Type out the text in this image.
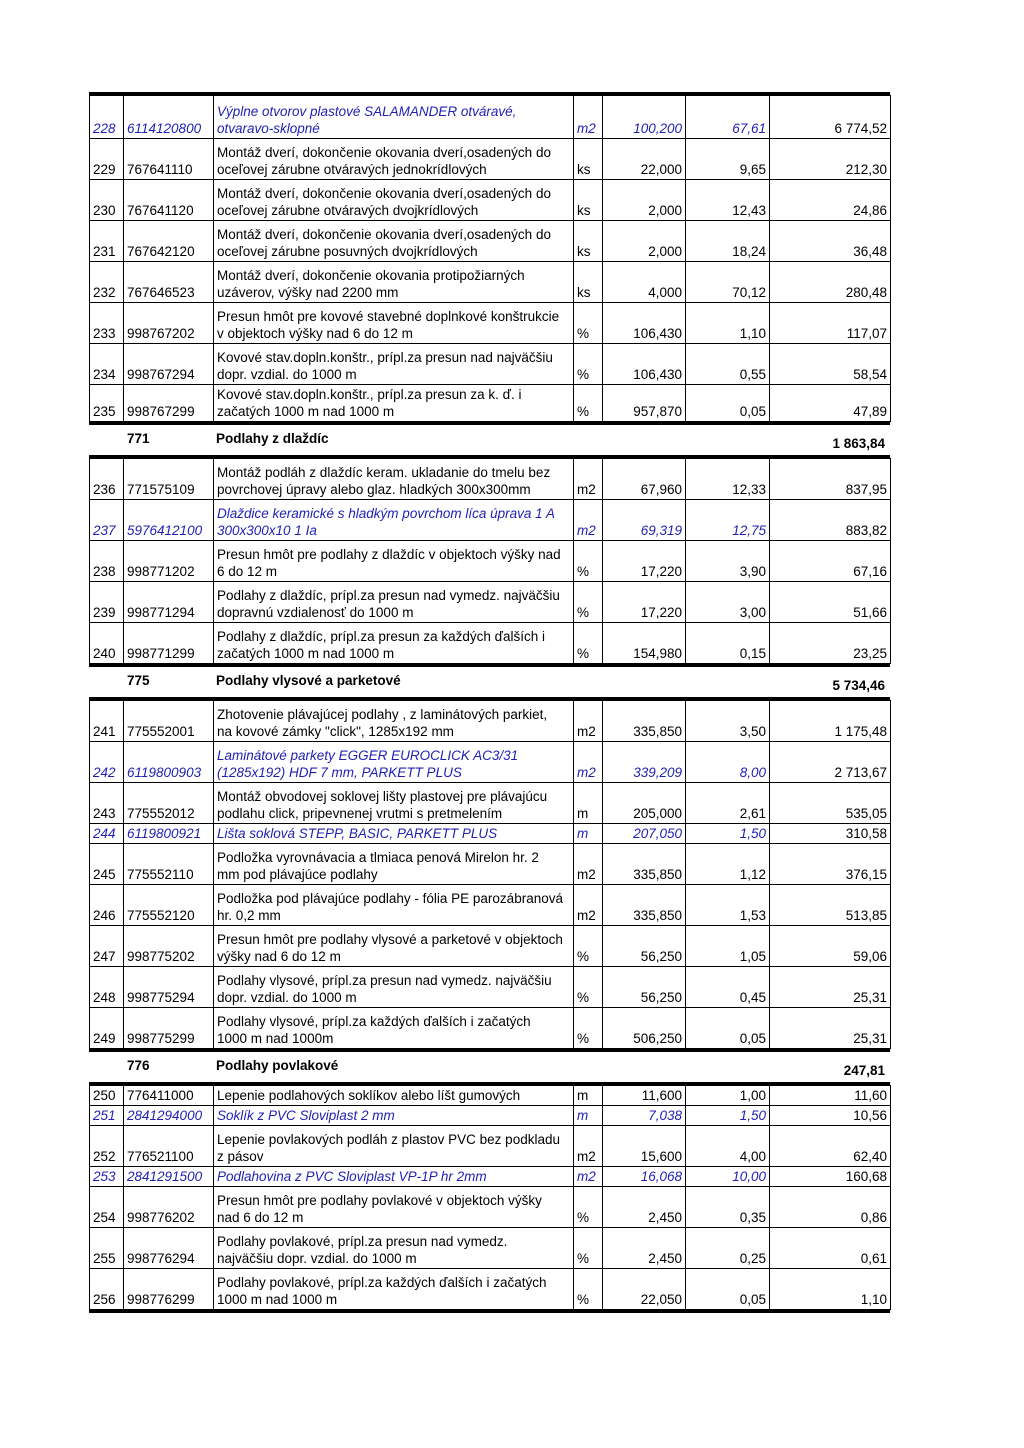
228	6114120800	Výplne otvorov plastové SALAMANDER otváravé,
otvaravo-sklopné	m2	100,200	67,61	6 774,52
229	767641110	Montáž dverí, dokončenie okovania dverí,osadených do
oceľovej zárubne otváravých jednokrídlových	ks	22,000	9,65	212,30
230	767641120	Montáž dverí, dokončenie okovania dverí,osadených do
oceľovej zárubne otváravých dvojkrídlových	ks	2,000	12,43	24,86
231	767642120	Montáž dverí, dokončenie okovania dverí,osadených do
oceľovej zárubne posuvných dvojkrídlových	ks	2,000	18,24	36,48
232	767646523	Montáž dverí, dokončenie okovania protipožiarných
uzáverov, výšky nad 2200 mm	ks	4,000	70,12	280,48
233	998767202	Presun hmôt pre kovové stavebné doplnkové konštrukcie
v objektoch výšky nad 6 do 12 m	%	106,430	1,10	117,07
234	998767294	Kovové stav.dopln.konštr., prípl.za presun nad najväčšiu
dopr. vzdial. do 1000 m	%	106,430	0,55	58,54
235	998767299	Kovové stav.dopln.konštr., prípl.za presun za k. ď. i
začatých 1000 m nad 1000 m	%	957,870	0,05	47,89
771	Podlahy z dlaždíc	1 863,84
236	771575109	Montáž podláh z dlaždíc keram. ukladanie do tmelu bez
povrchovej úpravy alebo glaz. hladkých 300x300mm	m2	67,960	12,33	837,95
237	5976412100	Dlaždice keramické s hladkým povrchom líca úprava 1 A
300x300x10 1 Ia	m2	69,319	12,75	883,82
238	998771202	Presun hmôt pre podlahy z dlaždíc v objektoch výšky nad
6 do 12 m	%	17,220	3,90	67,16
239	998771294	Podlahy z dlaždíc, prípl.za presun nad vymedz. najväčšiu
dopravnú vzdialenosť do 1000 m	%	17,220	3,00	51,66
240	998771299	Podlahy z dlaždíc, prípl.za presun za každých ďalších i
začatých 1000 m nad 1000 m	%	154,980	0,15	23,25
775	Podlahy vlysové a parketové	5 734,46
241	775552001	Zhotovenie plávajúcej podlahy , z laminátových parkiet,
na kovové zámky "click", 1285x192 mm	m2	335,850	3,50	1 175,48
242	6119800903	Laminátové parkety EGGER EUROCLICK AC3/31
(1285x192) HDF 7 mm, PARKETT PLUS	m2	339,209	8,00	2 713,67
243	775552012	Montáž obvodovej soklovej lišty plastovej pre plávajúcu
podlahu click, pripevnenej vrutmi s pretmelením	m	205,000	2,61	535,05
244	6119800921	Lišta soklová STEPP, BASIC, PARKETT PLUS	m	207,050	1,50	310,58
245	775552110	Podložka vyrovnávacia a tlmiaca penová Mirelon hr. 2
mm pod plávajúce podlahy	m2	335,850	1,12	376,15
246	775552120	Podložka pod plávajúce podlahy - fólia PE parozábranová
hr. 0,2 mm	m2	335,850	1,53	513,85
247	998775202	Presun hmôt pre podlahy vlysové a parketové v objektoch
výšky nad 6 do 12 m	%	56,250	1,05	59,06
248	998775294	Podlahy vlysové, prípl.za presun nad vymedz. najväčšiu
dopr. vzdial. do 1000 m	%	56,250	0,45	25,31
249	998775299	Podlahy vlysové, prípl.za každých ďalších i začatých
1000 m nad 1000m	%	506,250	0,05	25,31
776	Podlahy povlakové	247,81
250	776411000	Lepenie podlahových soklíkov alebo líšt gumových	m	11,600	1,00	11,60
251	2841294000	Soklík z PVC Sloviplast 2 mm	m	7,038	1,50	10,56
252	776521100	Lepenie povlakových podláh z plastov PVC bez podkladu
z pásov	m2	15,600	4,00	62,40
253	2841291500	Podlahovina z PVC Sloviplast VP-1P hr 2mm	m2	16,068	10,00	160,68
254	998776202	Presun hmôt pre podlahy povlakové v objektoch výšky
nad 6 do 12 m	%	2,450	0,35	0,86
255	998776294	Podlahy povlakové, prípl.za presun nad vymedz.
najväčšiu dopr. vzdial. do 1000 m	%	2,450	0,25	0,61
256	998776299	Podlahy povlakové, prípl.za každých ďalších i začatých
1000 m nad 1000 m	%	22,050	0,05	1,10
